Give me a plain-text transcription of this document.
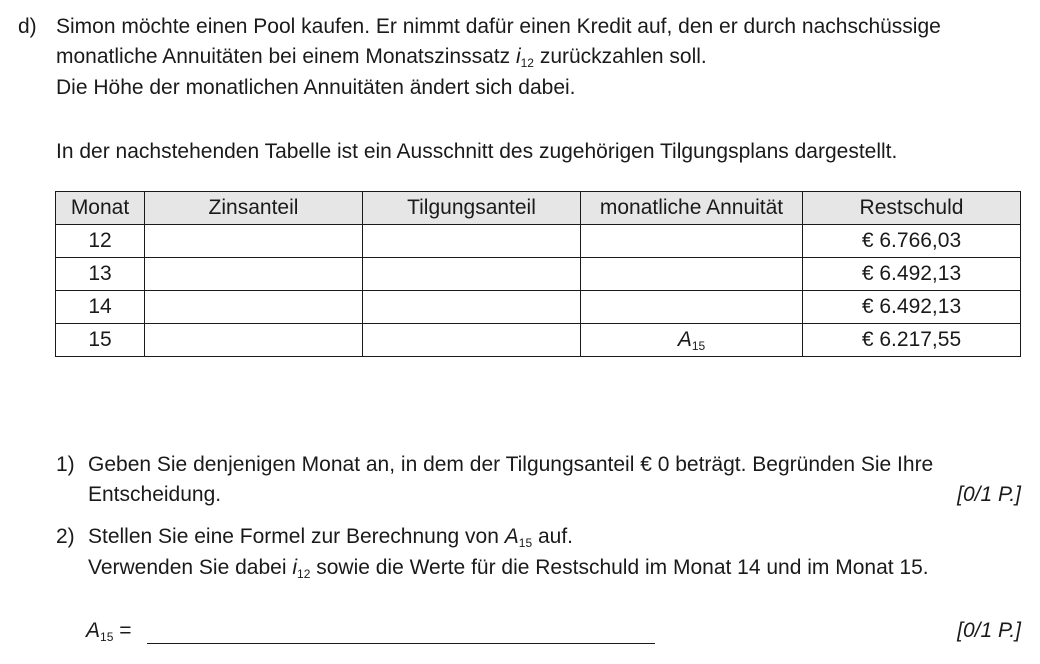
d) Simon möchte einen Pool kaufen. Er nimmt dafür einen Kredit auf, den er durch nachschüssige
monatliche Annuitäten bei einem Monatszinssatz $i_{12}$ zurückzahlen soll.
Die Höhe der monatlichen Annuitäten ändert sich dabei.
In der nachstehenden Tabelle ist ein Ausschnitt des zugehörigen Tilgungsplans dargestellt.
Monat	Zinsanteil	Tilgungsanteil	monatliche Annuität	Restschuld
12				€ 6.766,03
13				€ 6.492,13
14				€ 6.492,13
15			$A_{15}$	€ 6.217,55
1) Geben Sie denjenigen Monat an, in dem der Tilgungsanteil € 0 beträgt. Begründen Sie Ihre
Entscheidung.	[0/1 P.]
2) Stellen Sie eine Formel zur Berechnung von $A_{15}$ auf.
Verwenden Sie dabei $i_{12}$ sowie die Werte für die Restschuld im Monat 14 und im Monat 15.
$A_{15}$ =	[0/1 P.]
